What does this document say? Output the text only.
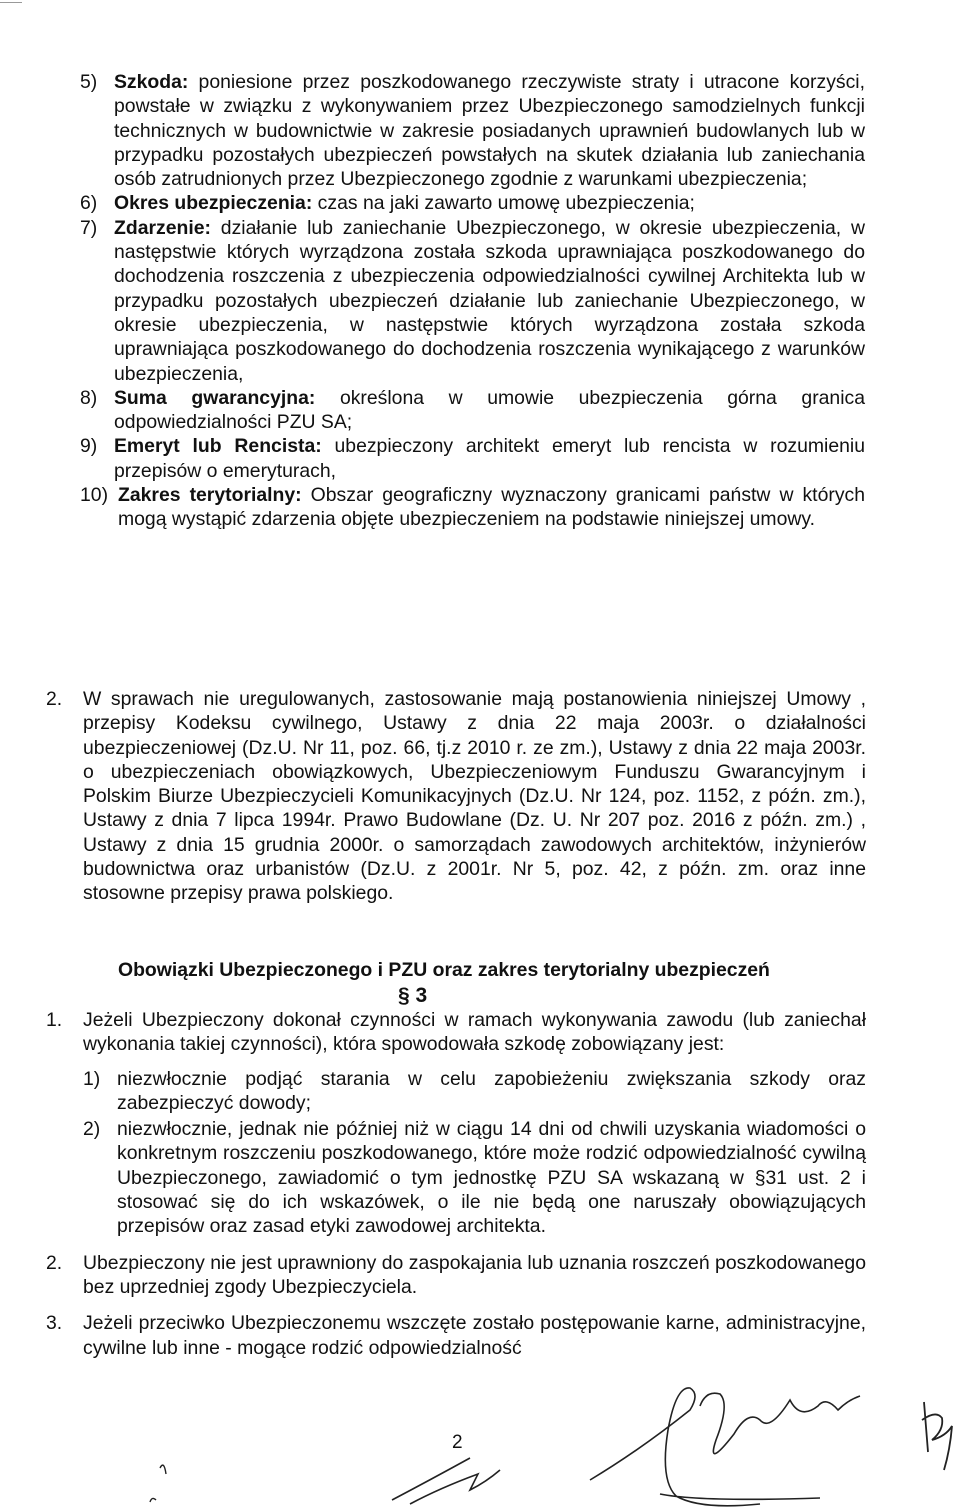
5) Szkoda: poniesione przez poszkodowanego rzeczywiste straty i utracone korzyści, powstałe w związku z wykonywaniem przez Ubezpieczonego samodzielnych funkcji technicznych w budownictwie w zakresie posiadanych uprawnień budowlanych lub w przypadku pozostałych ubezpieczeń powstałych na skutek działania lub zaniechania osób zatrudnionych przez Ubezpieczonego zgodnie z warunkami ubezpieczenia;
6) Okres ubezpieczenia: czas na jaki zawarto umowę ubezpieczenia;
7) Zdarzenie: działanie lub zaniechanie Ubezpieczonego, w okresie ubezpieczenia, w następstwie których wyrządzona została szkoda uprawniająca poszkodowanego do dochodzenia roszczenia z ubezpieczenia odpowiedzialności cywilnej Architekta lub w przypadku pozostałych ubezpieczeń działanie lub zaniechanie Ubezpieczonego, w okresie ubezpieczenia, w następstwie których wyrządzona została szkoda uprawniająca poszkodowanego do dochodzenia roszczenia wynikającego z warunków ubezpieczenia,
8) Suma gwarancyjna: określona w umowie ubezpieczenia górna granica odpowiedzialności PZU SA;
9) Emeryt lub Rencista: ubezpieczony architekt emeryt lub rencista w rozumieniu przepisów o emeryturach,
10) Zakres terytorialny: Obszar geograficzny wyznaczony granicami państw w których mogą wystąpić zdarzenia objęte ubezpieczeniem na podstawie niniejszej umowy.
2.	W sprawach nie uregulowanych, zastosowanie mają postanowienia niniejszej Umowy , przepisy Kodeksu cywilnego, Ustawy z dnia 22 maja 2003r. o działalności ubezpieczeniowej (Dz.U. Nr 11, poz. 66, tj.z 2010 r. ze zm.), Ustawy z dnia 22 maja 2003r. o ubezpieczeniach obowiązkowych, Ubezpieczeniowym Funduszu Gwarancyjnym i Polskim Biurze Ubezpieczycieli Komunikacyjnych (Dz.U. Nr 124, poz. 1152, z późn. zm.), Ustawy z dnia 7 lipca 1994r. Prawo Budowlane (Dz. U. Nr 207 poz. 2016 z późn. zm.) , Ustawy z dnia 15 grudnia 2000r. o samorządach zawodowych architektów, inżynierów budownictwa oraz urbanistów (Dz.U. z 2001r. Nr 5, poz. 42, z późn. zm. oraz inne stosowne przepisy prawa polskiego.
Obowiązki Ubezpieczonego i PZU oraz zakres terytorialny ubezpieczeń
§ 3
1.	Jeżeli Ubezpieczony dokonał czynności w ramach wykonywania zawodu (lub zaniechał wykonania takiej czynności), która spowodowała szkodę zobowiązany jest:
1) niezwłocznie podjąć starania w celu zapobieżeniu zwiększania szkody oraz zabezpieczyć dowody;
2) niezwłocznie, jednak nie później niż w ciągu 14 dni od chwili uzyskania wiadomości o konkretnym roszczeniu poszkodowanego, które może rodzić odpowiedzialność cywilną Ubezpieczonego, zawiadomić o tym jednostkę PZU SA wskazaną w §31 ust. 2 i stosować się do ich wskazówek, o ile nie będą one naruszały obowiązujących przepisów oraz zasad etyki zawodowej architekta.
2.	Ubezpieczony nie jest uprawniony do zaspokajania lub uznania roszczeń poszkodowanego bez uprzedniej zgody Ubezpieczyciela.
3.	Jeżeli przeciwko Ubezpieczonemu wszczęte zostało postępowanie karne, administracyjne, cywilne lub inne - mogące rodzić odpowiedzialność
2
